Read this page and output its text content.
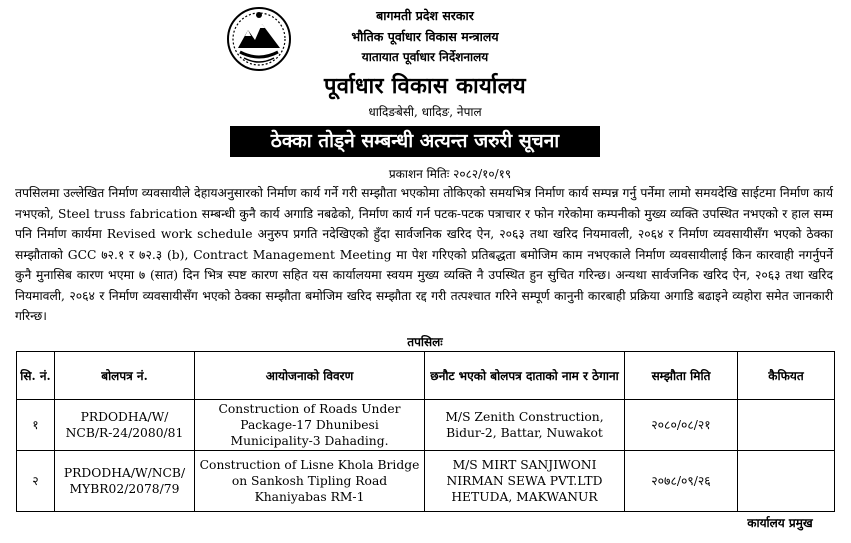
बागमती प्रदेश सरकार
भौतिक पूर्वाधार विकास मन्त्रालय
यातायात पूर्वाधार निर्देशनालय
पूर्वाधार विकास कार्यालय
धादिङबेसी, धादिङ, नेपाल
ठेक्का तोड्ने सम्बन्धी अत्यन्त जरुरी सूचना
प्रकाशन मितिः २०८२/१०/१९
तपसिलमा उल्लेखित निर्माण व्यवसायीले देहायअनुसारको निर्माण कार्य गर्ने गरी सम्झौता भएकोमा तोकिएको समयभित्र निर्माण कार्य सम्पन्न गर्नु पर्नेमा लामो समयदेखि साईटमा निर्माण कार्य नभएको, Steel truss fabrication सम्बन्धी कुनै कार्य अगाडि नबढेको, निर्माण कार्य गर्न पटक-पटक पत्राचार र फोन गरेकोमा कम्पनीको मुख्य व्यक्ति उपस्थित नभएको र हाल सम्म पनि निर्माण कार्यमा Revised work schedule अनुरुप प्रगति नदेखिएको हुँदा सार्वजनिक खरिद ऐन, २०६३ तथा खरिद नियमावली, २०६४ र निर्माण व्यवसायीसँग भएको ठेक्का सम्झौताको GCC ७२.१ र ७२.३ (b), Contract Management Meeting मा पेश गरिएको प्रतिबद्धता बमोजिम काम नभएकाले निर्माण व्यवसायीलाई किन कारवाही नगर्नुपर्ने कुनै मुनासिब कारण भएमा ७ (सात) दिन भित्र स्पष्ट कारण सहित यस कार्यालयमा स्वयम मुख्य व्यक्ति नै उपस्थित हुन सुचित गरिन्छ। अन्यथा सार्वजनिक खरिद ऐन, २०६३ तथा खरिद नियमावली, २०६४ र निर्माण व्यवसायीसँग भएको ठेक्का सम्झौता बमोजिम खरिद सम्झौता रद्द गरी तत्पश्चात गरिने सम्पूर्ण कानुनी कारबाही प्रक्रिया अगाडि बढाइने व्यहोरा समेत जानकारी गरिन्छ।
तपसिलः
सि. नं.	बोलपत्र नं.	आयोजनाको विवरण	छनौट भएको बोलपत्र दाताको नाम र ठेगाना	सम्झौता मिति	कैफियत
१	PRDODHA/W/ NCB/R-24/2080/81	Construction of Roads Under Package-17 Dhunibesi Municipality-3 Dahading.	M/S Zenith Construction, Bidur-2, Battar, Nuwakot	२०८०/०८/२१	
२	PRDODHA/W/NCB/ MYBR02/2078/79	Construction of Lisne Khola Bridge on Sankosh Tipling Road Khaniyabas RM-1	M/S MIRT SANJIWONI NIRMAN SEWA PVT.LTD HETUDA, MAKWANUR	२०७८/०९/२६	
कार्यालय प्रमुख
